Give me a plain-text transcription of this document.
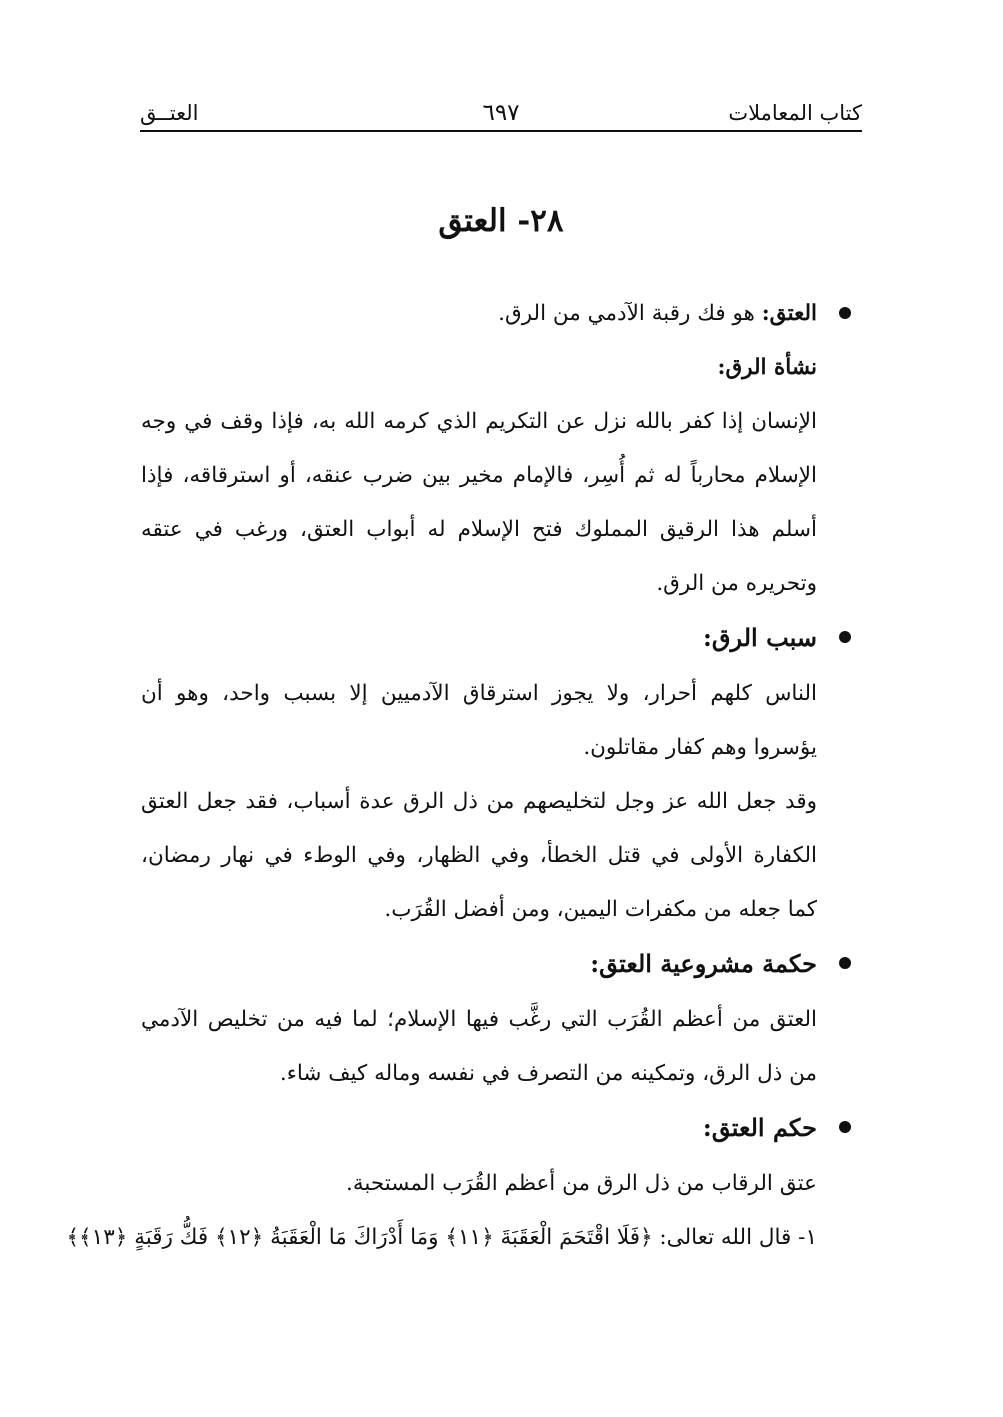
كتاب المعاملات
٦٩٧
العتــق
٢٨- العتق
العتق: هو فك رقبة الآدمي من الرق.
نشأة الرق:
الإنسان إذا كفر بالله نزل عن التكريم الذي كرمه الله به، فإذا وقف في وجه
الإسلام محارباً له ثم أُسِر، فالإمام مخير بين ضرب عنقه، أو استرقاقه، فإذا
أسلم هذا الرقيق المملوك فتح الإسلام له أبواب العتق، ورغب في عتقه
وتحريره من الرق.
سبب الرق:
الناس كلهم أحرار، ولا يجوز استرقاق الآدميين إلا بسبب واحد، وهو أن
يؤسروا وهم كفار مقاتلون.
وقد جعل الله عز وجل لتخليصهم من ذل الرق عدة أسباب، فقد جعل العتق
الكفارة الأولى في قتل الخطأ، وفي الظهار، وفي الوطء في نهار رمضان،
كما جعله من مكفرات اليمين، ومن أفضل القُرَب.
حكمة مشروعية العتق:
العتق من أعظم القُرَب التي رغَّب فيها الإسلام؛ لما فيه من تخليص الآدمي
من ذل الرق، وتمكينه من التصرف في نفسه وماله كيف شاء.
حكم العتق:
عتق الرقاب من ذل الرق من أعظم القُرَب المستحبة.
١- قال الله تعالى: ﴿فَلَا اقْتَحَمَ الْعَقَبَةَ ﴿١١﴾ وَمَا أَدْرَاكَ مَا الْعَقَبَةُ ﴿١٢﴾ فَكُّ رَقَبَةٍ ﴿١٣﴾﴾
